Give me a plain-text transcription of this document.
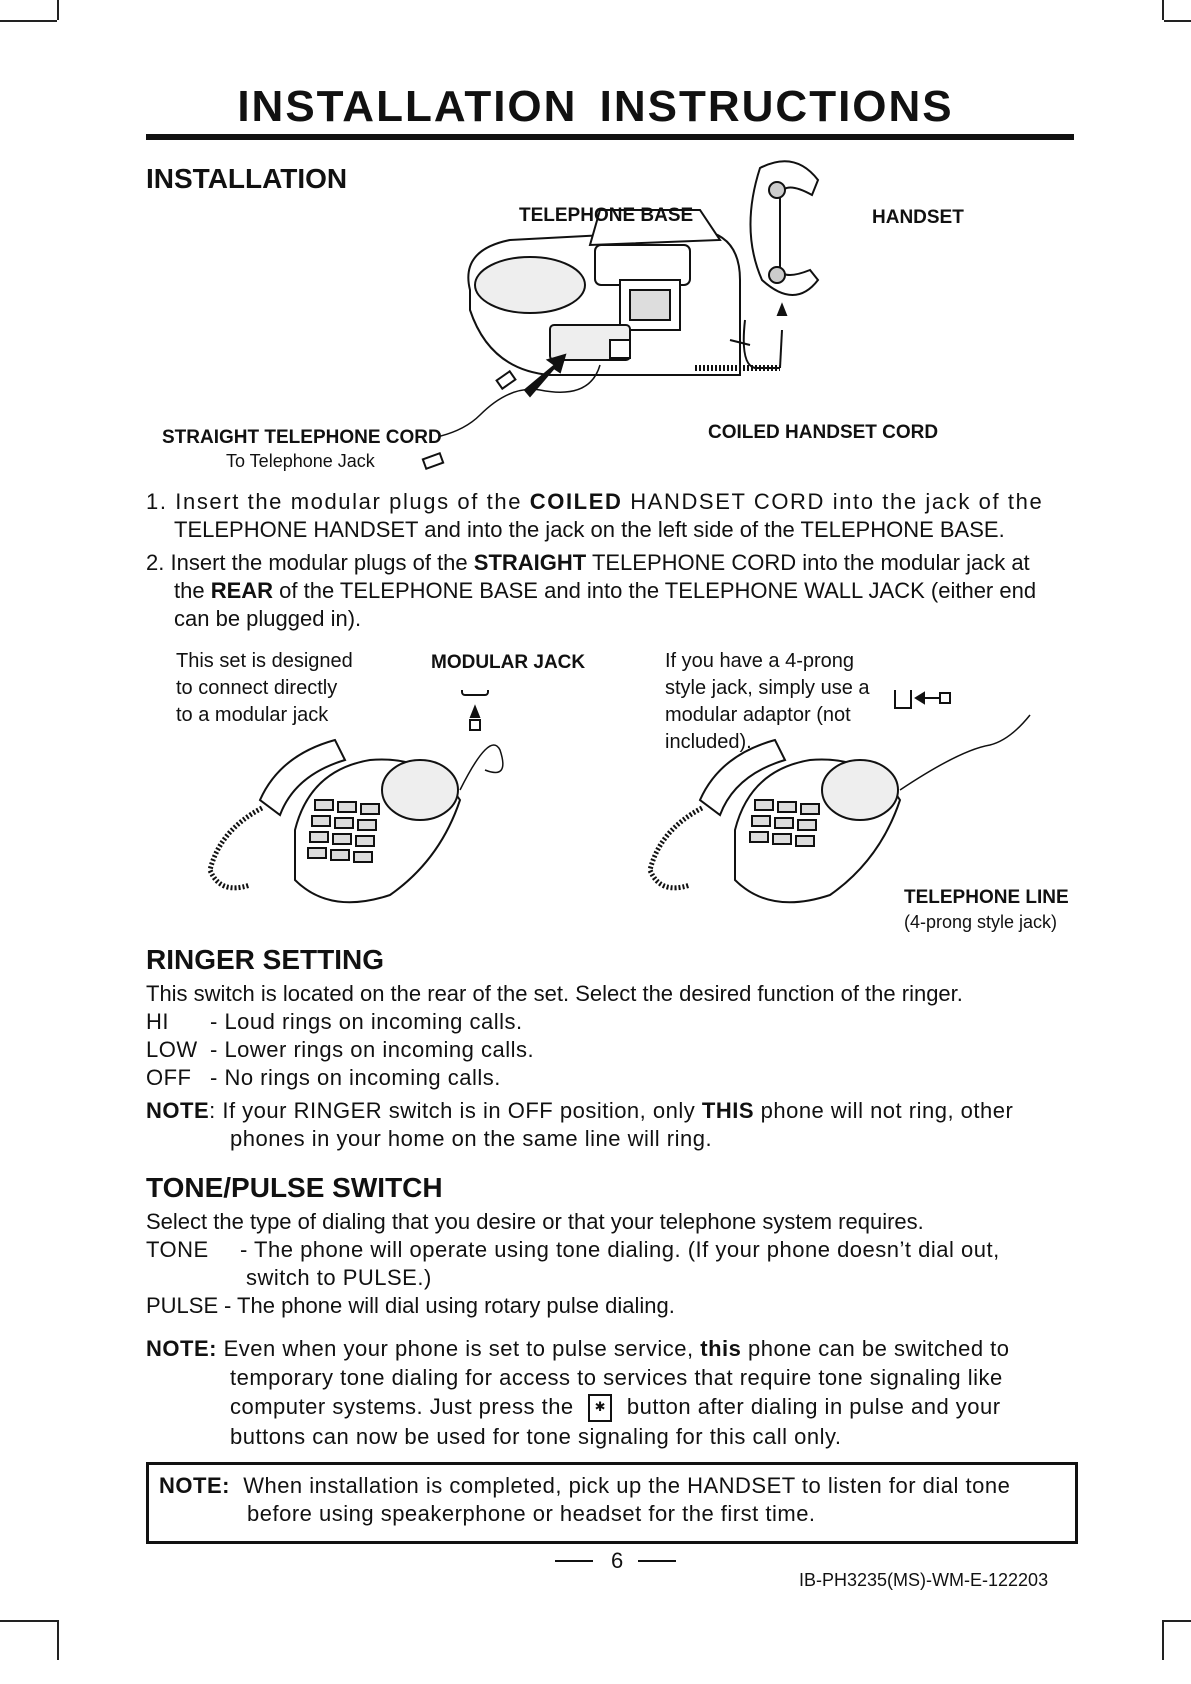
INSTALLATION INSTRUCTIONS
INSTALLATION
TELEPHONE BASE	HANDSET
STRAIGHT TELEPHONE CORD
To Telephone Jack
COILED HANDSET CORD
1. Insert the modular plugs of the COILED HANDSET CORD into the jack of the
TELEPHONE HANDSET and into the jack on the left side of the TELEPHONE BASE.
2. Insert the modular plugs of the STRAIGHT TELEPHONE CORD into the modular jack at
the REAR of the TELEPHONE BASE and into the TELEPHONE WALL JACK (either end
can be plugged in).
This set is designed
to connect directly
to a modular jack
MODULAR JACK	If you have a 4-prong
style jack, simply use a
modular adaptor (not
included).
TELEPHONE LINE
(4-prong style jack)
RINGER SETTING
This switch is located on the rear of the set. Select the desired function of the ringer.
HI	- Loud rings on incoming calls.
LOW - Lower rings on incoming calls.
OFF - No rings on incoming calls.
NOTE: If your RINGER switch is in OFF position, only THIS phone will not ring, other
phones in your home on the same line will ring.
TONE/PULSE SWITCH
Select the type of dialing that you desire or that your telephone system requires.
TONE	- The phone will operate using tone dialing. (If your phone doesn’t dial out,
switch to PULSE.)
PULSE - The phone will dial using rotary pulse dialing.
NOTE: Even when your phone is set to pulse service, this phone can be switched to
temporary tone dialing for access to services that require tone signaling like
computer systems. Just press the ✱ button after dialing in pulse and your
buttons can now be used for tone signaling for this call only.
NOTE: When installation is completed, pick up the HANDSET to listen for dial tone
before using speakerphone or headset for the first time.
6
IB-PH3235(MS)-WM-E-122203
